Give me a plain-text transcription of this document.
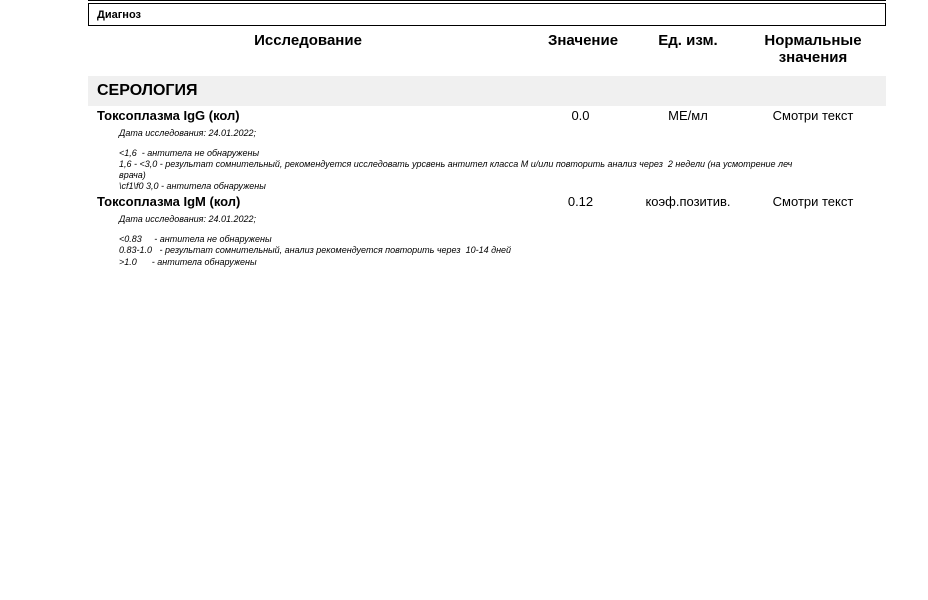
Диагноз
Исследование	Значение	Ед. изм.	Нормальные
значения
СЕРОЛОГИЯ
Токсоплазма IgG (кол)	0.0	МЕ/мл	Смотри текст
Дата исследования: 24.01.2022;
<1,6  - антитела не обнаружены
1,6 - <3,0 - результат сомнительный, рекомендуется исследовать урсвень антител класса М и/или повторить анализ через  2 недели (на усмотрение леч
врача)
\cf1\f0 3,0 - антитела обнаружены
Токсоплазма IgM (кол)	0.12	коэф.позитив.	Смотри текст
Дата исследования: 24.01.2022;
<0.83     - антитела не обнаружены
0.83-1.0   - результат сомнительный, анализ рекомендуется повторить через  10-14 дней
>1.0      - антитела обнаружены
